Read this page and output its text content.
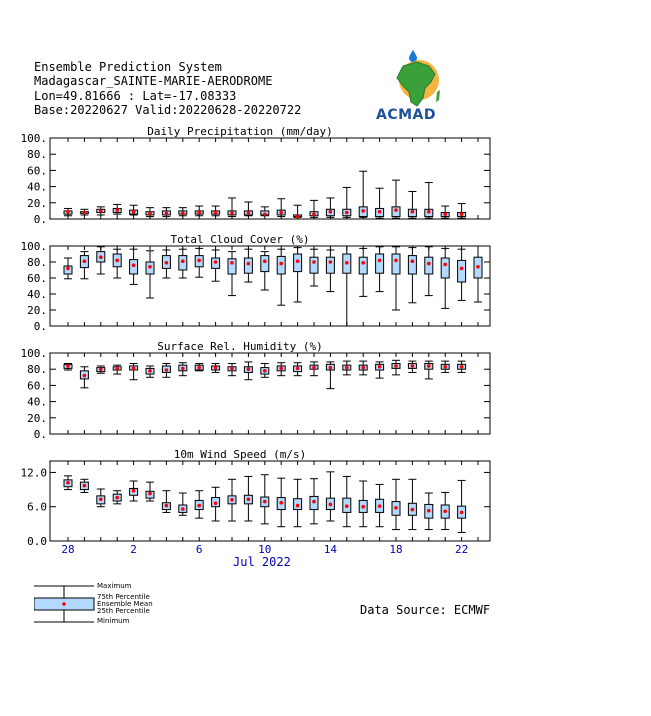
Ensemble Prediction System
Madagascar_SAINTE-MARIE-AERODROME
Lon=49.81666 : Lat=-17.08333
Base:20220627 Valid:20220628-20220722	ACMAD
0.
20.
40.
60.
80.
100.
Daily Precipitation (mm/day)
0.
20.
40.
60.
80.
100.
Total Cloud Cover (%)
0.
20.
40.
60.
80.
100.
Surface Rel. Humidity (%)
0.0
6.0
12.0
10m Wind Speed (m/s)
28	2	6	10	14	18	22
Jul 2022
Maximum
75th Percentile
Ensemble Mean
25th Percentile
Minimum
Data Source: ECMWF
